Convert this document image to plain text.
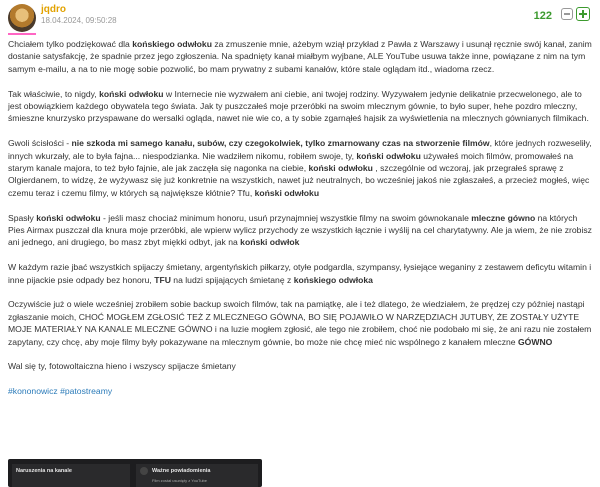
jqdro
18.04.2024, 09:50:28	122

Chciałem tylko podziękować dla końskiego odwłoku za zmuszenie mnie, ażebym wziął przykład z Pawła z Warszawy i usunął ręcznie swój kanał, zanim dostanie satysfakcję, że spadnie przez jego zgłoszenia. Na spadnięty kanał miałbym wyjbane, ALE YouTube usuwa także inne, powiązane z nim na tym samym e-mailu, a na to nie mogę sobie pozwolić, bo mam prywatny z subami kanałów, które stale oglądam itd., wiadoma rzecz.

Tak właściwie, to nigdy, koński odwłoku w Internecie nie wyzwałem ani ciebie, ani twojej rodziny. Wyzywałem jedynie delikatnie przecwelonego, ale to jest obowiązkiem każdego obywatela tego świata. Jak ty puszczałeś moje przeróbki na swoim mlecznym gównie, to było super, hehe pozdro mleczny, śmieszne knurzysko przyspawane do wersalki ogląda, nawet nie wie co, a ty sobie zgarnąłeś hajsik za wyświetlenia na mlecznych gównianych filmikach.

Gwoli ścisłości - nie szkoda mi samego kanału, subów, czy czegokolwiek, tylko zmarnowany czas na stworzenie filmów, które jednych rozweseliły, innych wkurzały, ale to była fajna... niespodzianka. Nie wadziłem nikomu, robiłem swoje, ty, koński odwłoku używałeś moich filmów, promowałeś na starym kanale majora, to też było fajnie, ale jak zaczęła się nagonka na ciebie, koński odwłoku , szczególnie od wczoraj, jak przegrałeś sprawę z Olgierdanem, to widzę, że wyżywasz się już konkretnie na wszystkich, nawet już neutralnych, bo wcześniej jakoś nie zgłaszałeś, a przecież mogłeś, więc czemu teraz i czemu filmy, w których są największe kłótnie? Tfu, koński odwłoku

Spasły koński odwłoku - jeśli masz chociaż minimum honoru, usuń przynajmniej wszystkie filmy na swoim gównokanale mleczne gówno na których Pies Airmax puszczał dla knura moje przeróbki, ale wpierw wylicz przychody ze wszystkich łącznie i wyślij na cel charytatywny. Ale ja wiem, że nie zrobisz ani jednego, ani drugiego, bo masz zbyt miękki odbyt, jak na koński odwłok

W każdym razie jbać wszystkich spijaczy śmietany, argentyńskich piłkarzy, otyłe podgardla, szympansy, łysiejące weganiny z zestawem deficytu witamin i inne pijackie psie odpady bez honoru, TFU na ludzi spijających śmietanę z końskiego odwłoka

Oczywiście już o wiele wcześniej zrobiłem sobie backup swoich filmów, tak na pamiątkę, ale i też dlatego, że wiedziałem, że prędzej czy później nastąpi zgłaszanie moich, CHOĆ MOGŁEM ZGŁOSIĆ TEŻ Z MLECZNEGO GÓWNA, BO SIĘ POJAWIŁO W NARZĘDZIACH JUTUBY, ŻE ZOSTAŁY UŻYTE MOJE MATERIAŁY NA KANALE MLECZNE GÓWNO i na luzie mogłem zgłosić, ale tego nie zrobiłem, choć nie podobało mi się, że ani razu nie zostałem zapytany, czy chcę, aby moje filmy były pokazywane na mlecznym gównie, bo może nie chcę mieć nic wspólnego z kanałem mleczne GÓWNO

Wal się ty, fotowoltaiczna hieno i wszyscy spijacze śmietany

#kononowicz #patostreamy

Naruszenia na kanale	Ważne powiadomienia
Film został usunięty z YouTube
